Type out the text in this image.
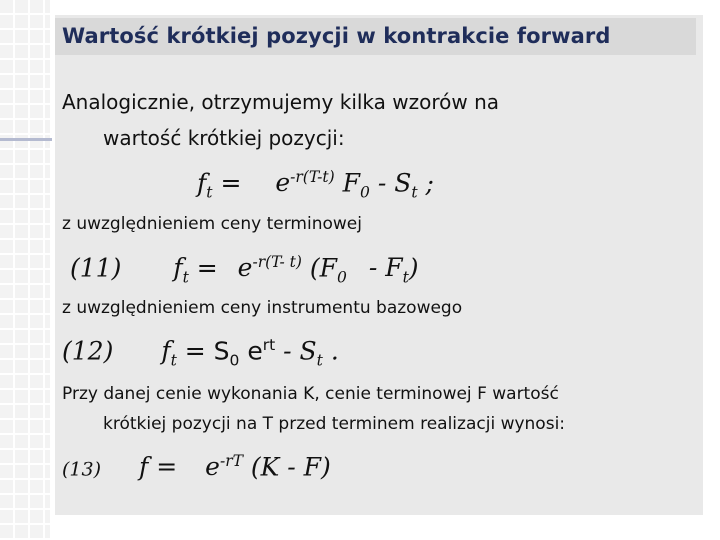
Wartość krótkiej pozycji w kontrakcie forward
Analogicznie, otrzymujemy kilka wzorów na
wartość krótkiej pozycji:
$f_t = e^{-r(T-t)}$ $F_0 - S_t$ ;
z uwzględnieniem ceny terminowej
(11) $f_t = e^{-r(T- t)}$ $(F_0 - F_t)$
z uwzględnieniem ceny instrumentu bazowego
(12) $f_t = S_0$ $e^{rt} - S_t$ .
Przy danej cenie wykonania K, cenie terminowej F wartość
krótkiej pozycji na T przed terminem realizacji wynosi:
(13) $f = e^{-rT}$ (K - F)
